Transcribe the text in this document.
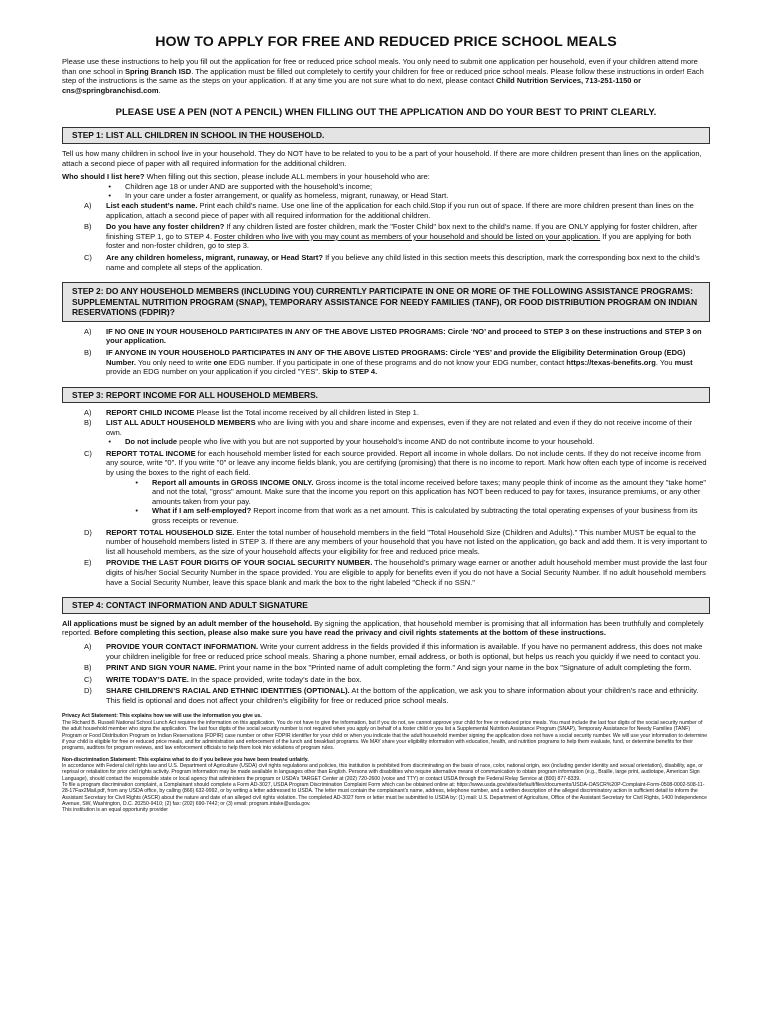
HOW TO APPLY FOR FREE AND REDUCED PRICE SCHOOL MEALS

Please use these instructions to help you fill out the application for free or reduced price school meals. You only need to submit one application per household, even if your children attend more than one school in Spring Branch ISD. The application must be filled out completely to certify your children for free or reduced price school meals. Please follow these instructions in order! Each step of the instructions is the same as the steps on your application. If at any time you are not sure what to do next, please contact Child Nutrition Services, 713-251-1150 or cns@springbranchisd.com.

PLEASE USE A PEN (NOT A PENCIL) WHEN FILLING OUT THE APPLICATION AND DO YOUR BEST TO PRINT CLEARLY.
STEP 1: LIST ALL CHILDREN IN SCHOOL IN THE HOUSEHOLD.

Tell us how many children in school live in your household. They do NOT have to be related to you to be a part of your household. If there are more children present than lines on the application, attach a second piece of paper with all required information for the additional children.

Who should I list here? When filling out this section, please include ALL members in your household who are:

•	Children age 18 or under AND are supported with the household’s income;
•	In your care under a foster arrangement, or qualify as homeless, migrant, runaway, or Head Start.
A)	List each student’s name. Print each child’s name. Use one line of the application for each child.Stop if you run out of space. If there are more children present than lines on the application, attach a second piece of paper with all required information for the additional children.
B)	Do you have any foster children? If any children listed are foster children, mark the "Foster Child" box next to the child’s name. If you are ONLY applying for foster children, after finishing STEP 1, go to STEP 4. Foster children who live with you may count as members of your household and should be listed on your application. If you are applying for both foster and non-foster children, go to step 3.
C)	Are any children homeless, migrant, runaway, or Head Start? If you believe any child listed in this section meets this description, mark the corresponding box next to the child’s name and complete all steps of the application.
STEP 2: DO ANY HOUSEHOLD MEMBERS (INCLUDING YOU) CURRENTLY PARTICIPATE IN ONE OR MORE OF THE FOLLOWING ASSISTANCE PROGRAMS: SUPPLEMENTAL NUTRITION PROGRAM (SNAP), TEMPORARY ASSISTANCE FOR NEEDY FAMILIES (TANF), OR FOOD DISTRIBUTION PROGRAM ON INDIAN RESERVATIONS (FDPIR)?
A)	IF NO ONE IN YOUR HOUSEHOLD PARTICIPATES IN ANY OF THE ABOVE LISTED PROGRAMS: Circle ‘NO’ and proceed to STEP 3 on these instructions and STEP 3 on your application.
B)	IF ANYONE IN YOUR HOUSEHOLD PARTICIPATES IN ANY OF THE ABOVE LISTED PROGRAMS: Circle ‘YES’ and provide the Eligibility Determination Group (EDG) Number. You only need to write one EDG number. If you participate in one of these programs and do not know your EDG number, contact https://texas-benefits.org. You must provide an EDG number on your application if you circled "YES". Skip to STEP 4.
STEP 3: REPORT INCOME FOR ALL HOUSEHOLD MEMBERS.
A)	REPORT CHILD INCOME Please list the Total income received by all children listed in Step 1.
B)	LIST ALL ADULT HOUSEHOLD MEMBERS who are living with you and share income and expenses, even if they are not related and even if they do not receive income of their own.
•	Do not include people who live with you but are not supported by your household’s income AND do not contribute income to your household.
C)	REPORT TOTAL INCOME for each household member listed for each source provided. Report all income in whole dollars. Do not include cents. If they do not receive income from any source, write "0". If you write "0" or leave any income fields blank, you are certifying (promising) that there is no income to report. Mark how often each type of income is received by using the boxes to the right of each field.
•	Report all amounts in GROSS INCOME ONLY. Gross income is the total income received before taxes; many people think of income as the amount they "take home" and not the total, "gross" amount. Make sure that the income you report on this application has NOT been reduced to pay for taxes, insurance premiums, or any other amounts taken from your pay.
•	What if I am self-employed? Report income from that work as a net amount. This is calculated by subtracting the total operating expenses of your business from its gross receipts or revenue.
D)	REPORT TOTAL HOUSEHOLD SIZE. Enter the total number of household members in the field "Total Household Size (Children and Adults)." This number MUST be equal to the number of household members listed in STEP 3. If there are any members of your household that you have not listed on the application, go back and add them. It is very important to list all household members, as the size of your household affects your eligibility for free and reduced price meals.
E)	PROVIDE THE LAST FOUR DIGITS OF YOUR SOCIAL SECURITY NUMBER. The household’s primary wage earner or another adult household member must provide the last four digits of his/her Social Security Number in the space provided. You are eligible to apply for benefits even if you do not have a Social Security Number. If no adult household members have a Social Security Number, leave this space blank and mark the box to the right labeled "Check if no SSN."
STEP 4: CONTACT INFORMATION AND ADULT SIGNATURE

All applications must be signed by an adult member of the household. By signing the application, that household member is promising that all information has been truthfully and completely reported. Before completing this section, please also make sure you have read the privacy and civil rights statements at the bottom of these instructions.

A)	PROVIDE YOUR CONTACT INFORMATION. Write your current address in the fields provided if this information is available. If you have no permanent address, this does not make your children ineligible for free or reduced price school meals. Sharing a phone number, email address, or both is optional, but helps us reach you quickly if we need to contact you.
B)	PRINT AND SIGN YOUR NAME. Print your name in the box "Printed name of adult completing the form." And sign your name in the box "Signature of adult completing the form.
C)	WRITE TODAY’S DATE. In the space provided, write today’s date in the box.
D)	SHARE CHILDREN’S RACIAL AND ETHNIC IDENTITIES (OPTIONAL). At the bottom of the application, we ask you to share information about your children’s race and ethnicity. This field is optional and does not affect your children’s eligibility for free or reduced price school meals.

Privacy Act Statement: This explains how we will use the information you give us.

The Richard B. Russell National School Lunch Act requires the information on this application. You do not have to give the information, but if you do not, we cannot approve your child for free or reduced price meals. You must include the last four digits of the social security number of the adult household member who signs the application. The last four digits of the social security number is not required when you apply on behalf of a foster child or you list a Supplemental Nutrition Assistance Program (SNAP), Temporary Assistance for Needy Families (TANF) Program or Food Distribution Program on Indian Reservations (FDPIR) case number or other FDPIR identifier for your child or when you indicate that the adult household member signing the application does not have a social security number. We will use your information to determine if your child is eligible for free or reduced price meals, and for administration and enforcement of the lunch and breakfast programs. We MAY share your eligibility information with education, health, and nutrition programs to help them evaluate, fund, or determine benefits for their programs, auditors for program reviews, and law enforcement officials to help them look into violations of program rules.

Non-discrimination Statement: This explains what to do if you believe you have been treated unfairly.

In accordance with Federal civil rights law and U.S. Department of Agriculture (USDA) civil rights regulations and policies, this institution is prohibited from discriminating on the basis of race, color, national origin, sex (including gender identity and sexual orientation), disability, age, or reprisal or retaliation for prior civil rights activity. Program information may be made available in languages other than English. Persons with disabilities who require alternative means of communication to obtain program information (e.g., Braille, large print, audiotape, American Sign Language), should contact the responsible state or local agency that administers the program or USDA’s TARGET Center at (202) 720-2600 (voice and TTY) or contact USDA through the Federal Relay Service at (800) 877-8339.

To file a program discrimination complaint, a Complainant should complete a Form AD-3027, USDA Program Discrimination Complaint Form which can be obtained online at: https://www.usda.gov/sites/default/files/documents/USDA-OASCR%20P-Complaint-Form-0508-0002-508-11-28-17Fax2Mail.pdf, from any USDA office, by calling (866) 632-9992, or by writing a letter addressed to USDA. The letter must contain the complainant’s name, address, telephone number, and a written description of the alleged discriminatory action in sufficient detail to inform the Assistant Secretary for Civil Rights (ASCR) about the nature and date of an alleged civil rights violation. The completed AD-3027 form or letter must be submitted to USDA by: (1) mail: U.S. Department of Agriculture, Office of the Assistant Secretary for Civil Rights, 1400 Independence Avenue, SW, Washington, D.C. 20250-9410; (2) fax: (202) 690-7442; or (3) email: program.intake@usda.gov.

This institution is an equal opportunity provider
